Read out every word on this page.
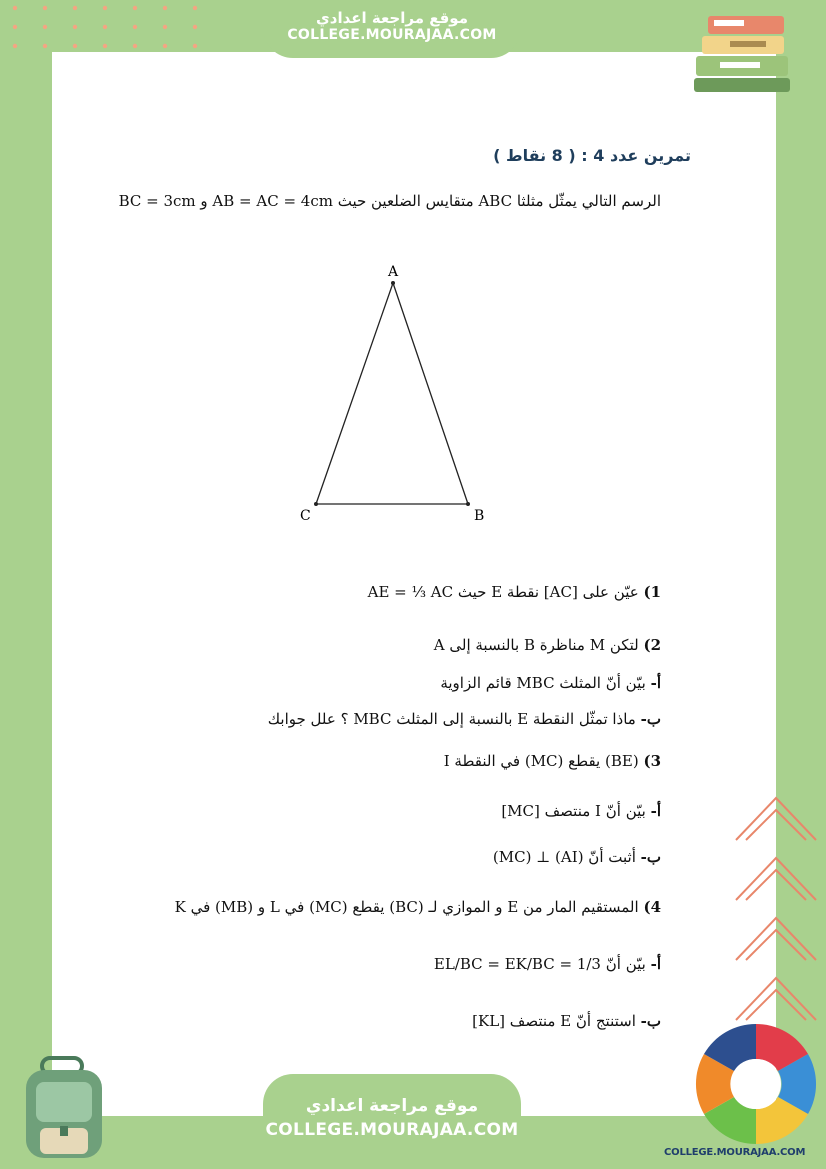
موقع مراجعة اعدادي
COLLEGE.MOURAJAA.COM
تمرين عدد 4 : ( 8 نقاط )
الرسم التالي يمثّل مثلثا ABC متقايس الضلعين حيث AB = AC = 4cm و BC = 3cm
A
C	B
1) عيّن على [AC] نقطة E حيث AE = ⅓ AC
2) لتكن M مناظرة B بالنسبة إلى A
أ- بيّن أنّ المثلث MBC قائم الزاوية
ب- ماذا تمثّل النقطة E بالنسبة إلى المثلث MBC ؟ علل جوابك
3) (BE) يقطع (MC) في النقطة I
أ- بيّن أنّ I منتصف [MC]
ب- أثبت أنّ (AI) ⊥ (MC)
4) المستقيم المار من E و الموازي لـ (BC) يقطع (MC) في L و (MB) في K
أ- بيّن أنّ EL/BC = EK/BC = 1/3
ب- استنتج أنّ E منتصف [KL]
موقع مراجعة اعدادي
COLLEGE.MOURAJAA.COM
COLLEGE.MOURAJAA.COM
